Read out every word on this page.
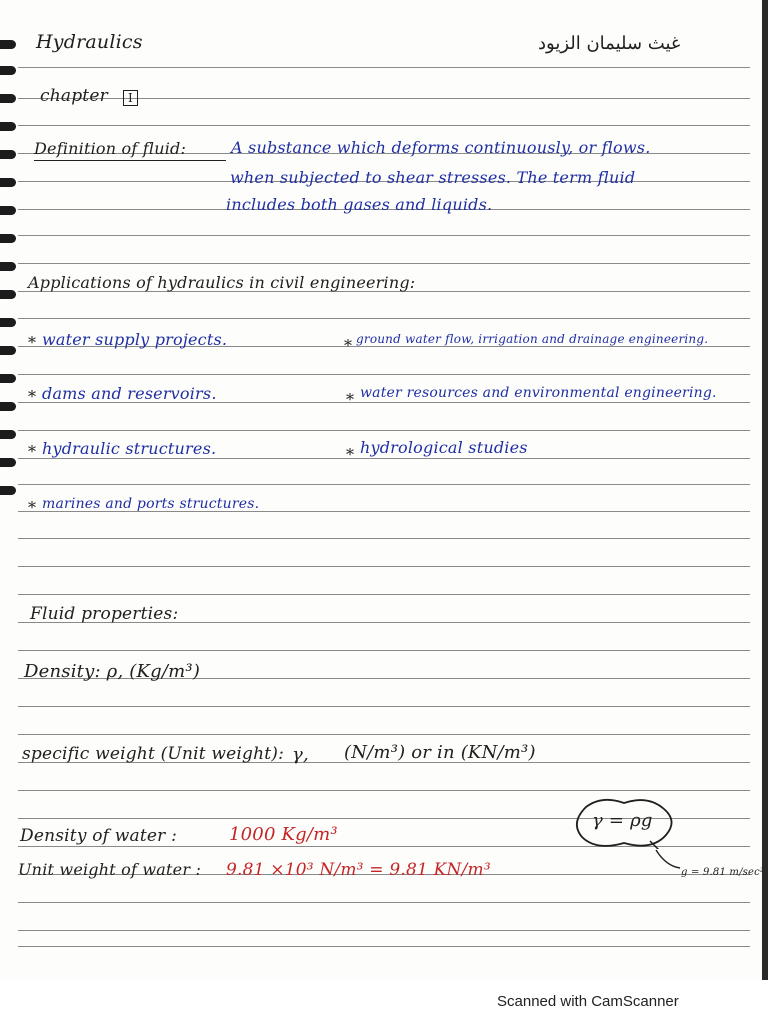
Hydraulics	غيث سليمان الزيود
➜ chapter	I
Definition of fluid:	A substance which deforms continuously, or flows.
when subjected to shear stresses. The term fluid
includes both gases and liquids.
Applications of hydraulics in civil engineering:
* water supply projects.	* ground water flow, irrigation and drainage engineering.
* dams and reservoirs.	* water resources and environmental engineering.
* hydraulic structures.	* hydrological studies
* marines and ports structures.
Fluid properties:
Density: ρ, (Kg/m³)
specific weight (Unit weight): γ, (N/m³) or in (KN/m³)
γ = ρg
Density of water :	1000 Kg/m³
Unit weight of water : 9.81 ×10³ N/m³ = 9.81 KN/m³	g = 9.81 m/sec²
Scanned with CamScanner
